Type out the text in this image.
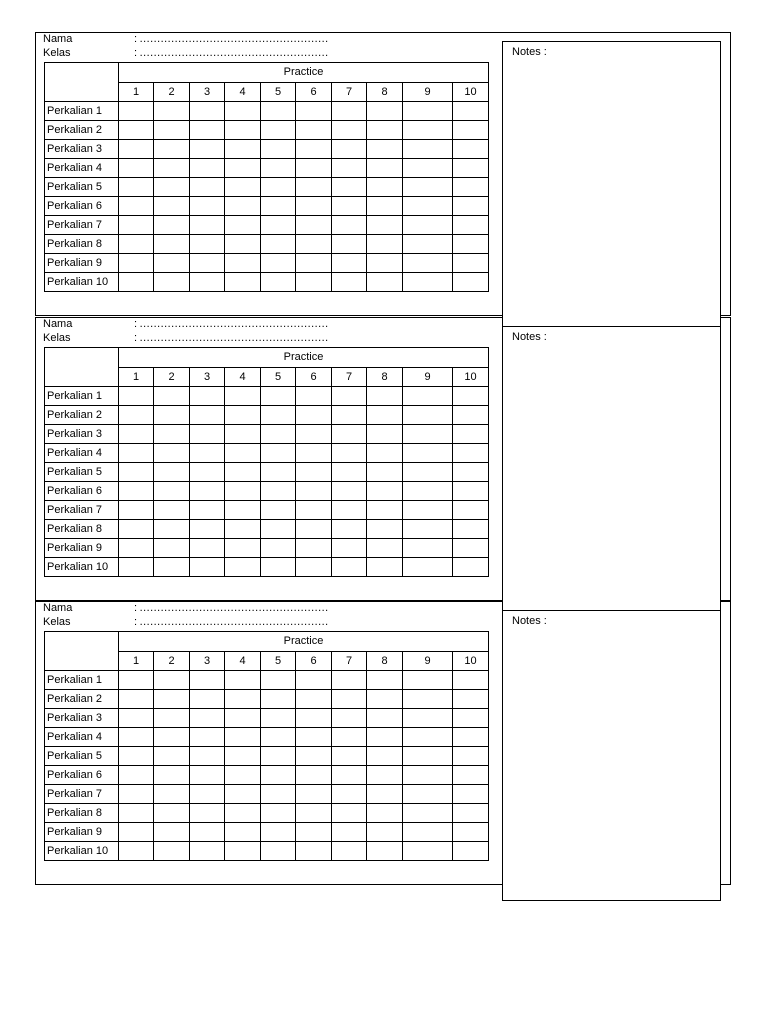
Nama	: ………………………………………………
Kelas	: ………………………………………………
	Practice									
	1	2	3	4	5	6	7	8	9	10
Perkalian 1										
Perkalian 2										
Perkalian 3										
Perkalian 4										
Perkalian 5										
Perkalian 6										
Perkalian 7										
Perkalian 8										
Perkalian 9										
Perkalian 10										
Notes :
Nama	: ………………………………………………
Kelas	: ………………………………………………
	Practice									
	1	2	3	4	5	6	7	8	9	10
Perkalian 1										
Perkalian 2										
Perkalian 3										
Perkalian 4										
Perkalian 5										
Perkalian 6										
Perkalian 7										
Perkalian 8										
Perkalian 9										
Perkalian 10										
Notes :
Nama	: ………………………………………………
Kelas	: ………………………………………………
	Practice									
	1	2	3	4	5	6	7	8	9	10
Perkalian 1										
Perkalian 2										
Perkalian 3										
Perkalian 4										
Perkalian 5										
Perkalian 6										
Perkalian 7										
Perkalian 8										
Perkalian 9										
Perkalian 10										
Notes :
